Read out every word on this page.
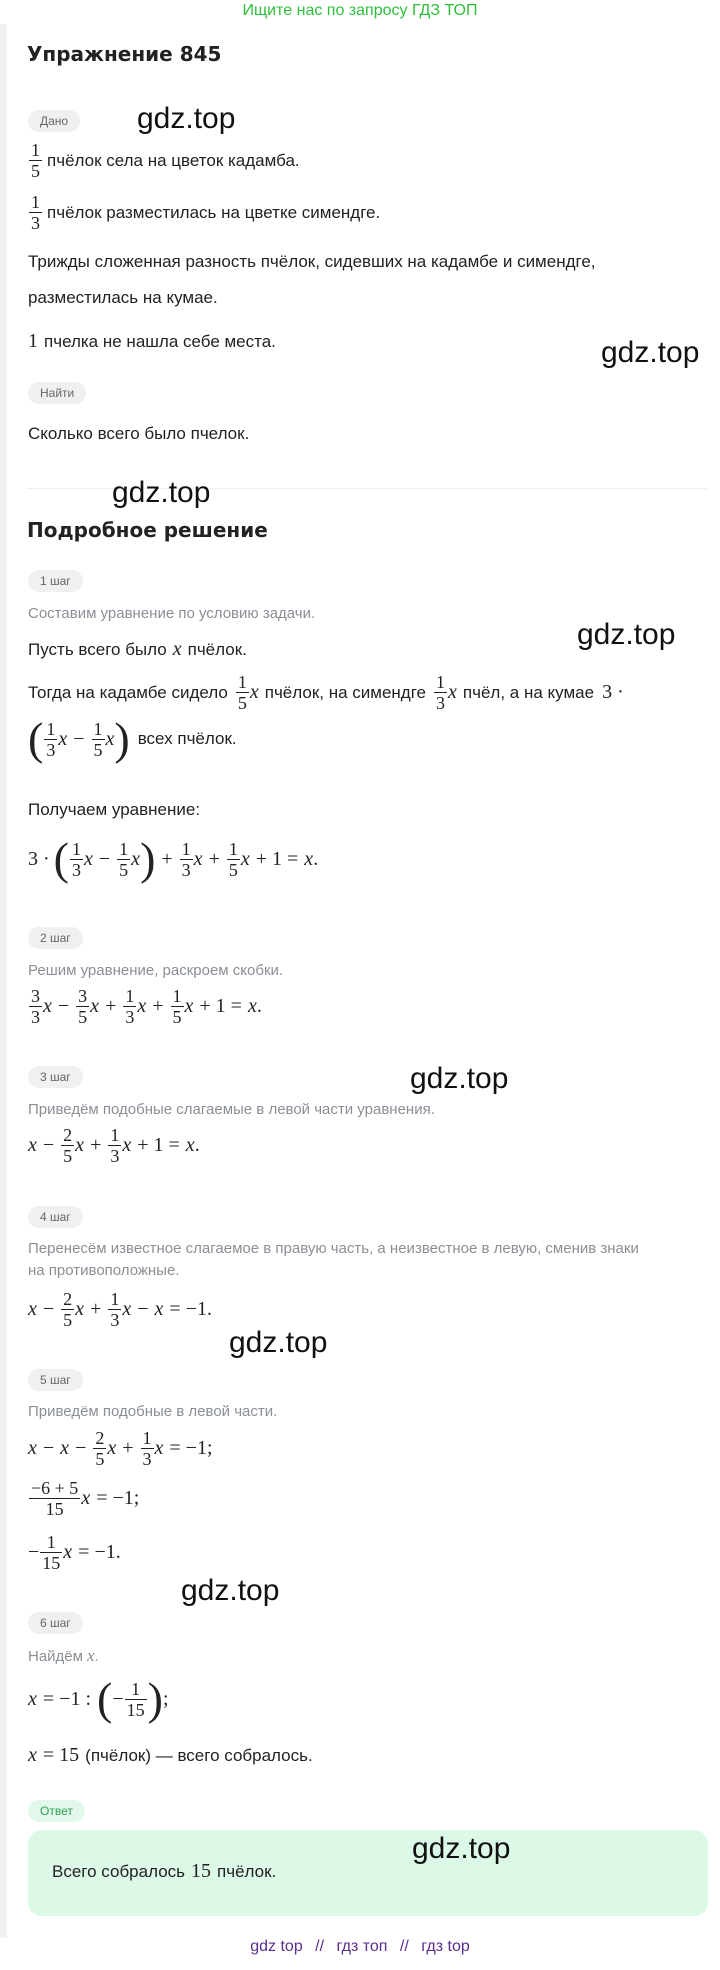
Ищите нас по запросу ГДЗ ТОП
Упражнение 845
Дано
$\frac{1}{5}$ пчёлок села на цветок кадамба.
$\frac{1}{3}$ пчёлок разместилась на цветке симендге.
Трижды сложенная разность пчёлок, сидевших на кадамбе и симендге,
разместилась на кумае.
1 пчелка не нашла себе места.
Найти
Сколько всего было пчелок.
Подробное решение
1 шаг
Составим уравнение по условию задачи.
Пусть всего было x пчёлок.
Тогда на кадамбе сидело $\frac{1}{5}$ x пчёлок, на симендге $\frac{1}{3}$ x пчёл, а на кумае 3 ·
( $\frac{1}{3}$ $x - \frac{1}{5}$ x ) всех пчёлок.
Получаем уравнение:
3 · ( $\frac{1}{3}$ $x - \frac{1}{5}$ x ) + $\frac{1}{3}$ $x + \frac{1}{5}$ x + 1 = x .
2 шаг
Решим уравнение, раскроем скобки.
$\frac{3}{3}$ $x - \frac{3}{5}$ $x + \frac{1}{3}$ $x + \frac{1}{5}$ x + 1 = x .
3 шаг
Приведём подобные слагаемые в левой части уравнения.
$x - \frac{2}{5}$ $x + \frac{1}{3}$ x + 1 = x .
4 шаг
Перенесём известное слагаемое в правую часть, а неизвестное в левую, сменив знаки
на противоположные.
$x - \frac{2}{5}$ $x + \frac{1}{3}$ x − x = −1.
5 шаг
Приведём подобные в левой части.
$x - x - \frac{2}{5}$ $x + \frac{1}{3}$ x = −1;
$\frac{-6 + 5}{15}$ x = −1;
− $\frac{1}{15}$ x = −1.
6 шаг
Найдём x .
x = −1 : ( − $\frac{1}{15}$ ) ;
x = 15 (пчёлок) — всего собралось.
Ответ
Всего собралось 15 пчёлок.
gdz.top
gdz.top
gdz.top
gdz.top
gdz.top
gdz.top
gdz.top
gdz.top
gdz top // гдз топ // гдз top
